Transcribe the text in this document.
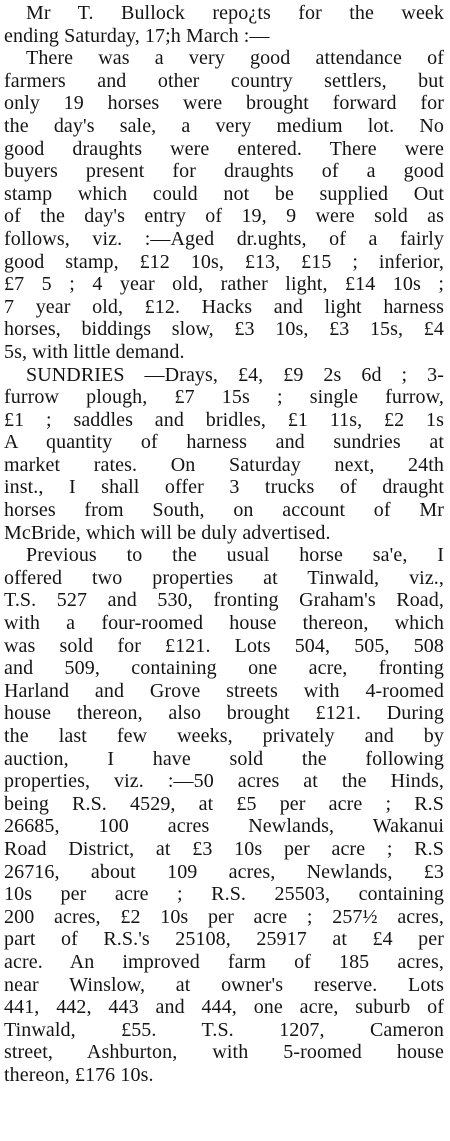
Mr T. Bullock repo¿ts for the week
ending Saturday, 17;h March :—
There was a very good attendance of
farmers and other country settlers, but
only 19 horses were brought forward for
the day's sale, a very medium lot. No
good draughts were entered. There were
buyers present for draughts of a good
stamp which could not be supplied Out
of the day's entry of 19, 9 were sold as
follows, viz. :—Aged dr.ughts, of a fairly
good stamp, £12 10s, £13, £15 ; inferior,
£7 5 ; 4 year old, rather light, £14 10s ;
7 year old, £12. Hacks and light harness
horses, biddings slow, £3 10s, £3 15s, £4
5s, with little demand.
SUNDRIES —Drays, £4, £9 2s 6d ; 3-
furrow plough, £7 15s ; single furrow,
£1 ; saddles and bridles, £1 11s, £2 1s
A quantity of harness and sundries at
market rates. On Saturday next, 24th
inst., I shall offer 3 trucks of draught
horses from South, on account of Mr
McBride, which will be duly advertised.
Previous to the usual horse sa'e, I
offered two properties at Tinwald, viz.,
T.S. 527 and 530, fronting Graham's Road,
with a four-roomed house thereon, which
was sold for £121. Lots 504, 505, 508
and 509, containing one acre, fronting
Harland and Grove streets with 4-roomed
house thereon, also brought £121. During
the last few weeks, privately and by
auction, I have sold the following
properties, viz. :—50 acres at the Hinds,
being R.S. 4529, at £5 per acre ; R.S
26685, 100 acres Newlands, Wakanui
Road District, at £3 10s per acre ; R.S
26716, about 109 acres, Newlands, £3
10s per acre ; R.S. 25503, containing
200 acres, £2 10s per acre ; 257½ acres,
part of R.S.'s 25108, 25917 at £4 per
acre. An improved farm of 185 acres,
near Winslow, at owner's reserve. Lots
441, 442, 443 and 444, one acre, suburb of
Tinwald, £55. T.S. 1207, Cameron
street, Ashburton, with 5-roomed house
thereon, £176 10s.
